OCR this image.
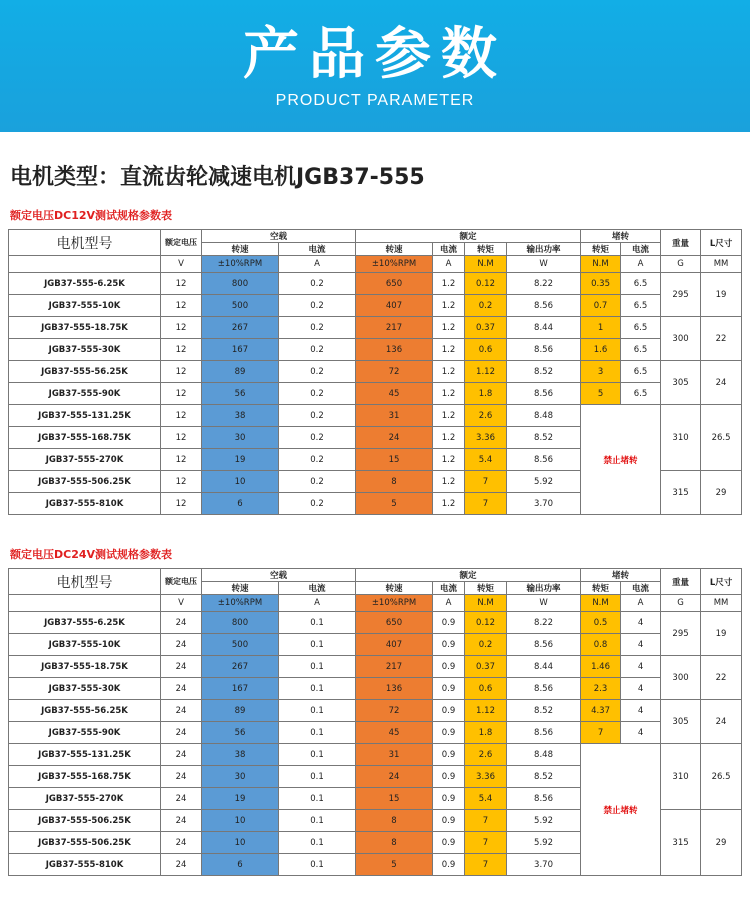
产品参数
PRODUCT PARAMETER
电机类型：直流齿轮减速电机JGB37-555
额定电压DC12V测试规格参数表
电机型号	额定电压	空载		额定				堵转		重量	L尺寸
		转速	电流	转速	电流	转矩	输出功率	转矩	电流		
	V	±10%RPM	A	±10%RPM	A	N.M	W	N.M	A	G	MM
JGB37-555-6.25K	12	800	0.2	650	1.2	0.12	8.22	0.35	6.5	295	19
JGB37-555-10K	12	500	0.2	407	1.2	0.2	8.56	0.7	6.5		
JGB37-555-18.75K	12	267	0.2	217	1.2	0.37	8.44	1	6.5	300	22
JGB37-555-30K	12	167	0.2	136	1.2	0.6	8.56	1.6	6.5		
JGB37-555-56.25K	12	89	0.2	72	1.2	1.12	8.52	3	6.5	305	24
JGB37-555-90K	12	56	0.2	45	1.2	1.8	8.56	5	6.5		
JGB37-555-131.25K	12	38	0.2	31	1.2	2.6	8.48	禁止堵转		310	26.5
JGB37-555-168.75K	12	30	0.2	24	1.2	3.36	8.52				
JGB37-555-270K	12	19	0.2	15	1.2	5.4	8.56				
JGB37-555-506.25K	12	10	0.2	8	1.2	7	5.92			315	29
JGB37-555-810K	12	6	0.2	5	1.2	7	3.70				
额定电压DC24V测试规格参数表
电机型号	额定电压	空载		额定				堵转		重量	L尺寸
		转速	电流	转速	电流	转矩	输出功率	转矩	电流		
	V	±10%RPM	A	±10%RPM	A	N.M	W	N.M	A	G	MM
JGB37-555-6.25K	24	800	0.1	650	0.9	0.12	8.22	0.5	4	295	19
JGB37-555-10K	24	500	0.1	407	0.9	0.2	8.56	0.8	4		
JGB37-555-18.75K	24	267	0.1	217	0.9	0.37	8.44	1.46	4	300	22
JGB37-555-30K	24	167	0.1	136	0.9	0.6	8.56	2.3	4		
JGB37-555-56.25K	24	89	0.1	72	0.9	1.12	8.52	4.37	4	305	24
JGB37-555-90K	24	56	0.1	45	0.9	1.8	8.56	7	4		
JGB37-555-131.25K	24	38	0.1	31	0.9	2.6	8.48	禁止堵转		310	26.5
JGB37-555-168.75K	24	30	0.1	24	0.9	3.36	8.52				
JGB37-555-270K	24	19	0.1	15	0.9	5.4	8.56				
JGB37-555-506.25K	24	10	0.1	8	0.9	7	5.92			315	29
JGB37-555-506.25K	24	10	0.1	8	0.9	7	5.92				
JGB37-555-810K	24	6	0.1	5	0.9	7	3.70				
